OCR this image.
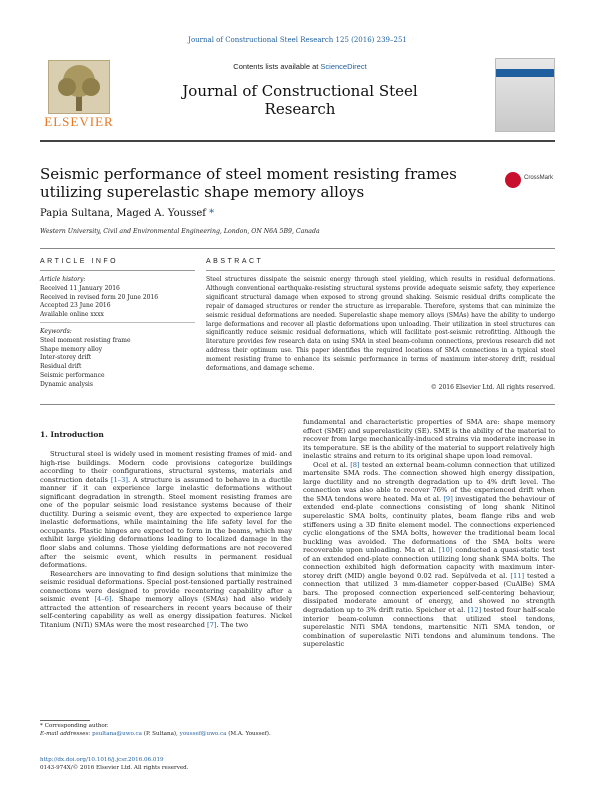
Journal of Constructional Steel Research 125 (2016) 239–251
ELSEVIER
Contents lists available at ScienceDirect
Journal of Constructional Steel Research
Seismic performance of steel moment resisting frames utilizing superelastic shape memory alloys
CrossMark
Papia Sultana, Maged A. Youssef *
Western University, Civil and Environmental Engineering, London, ON N6A 5B9, Canada
ARTICLE INFO	ABSTRACT
Article history:
Received 11 January 2016
Received in revised form 20 June 2016
Accepted 23 June 2016
Available online xxxx
Keywords:
Steel moment resisting frame
Shape memory alloy
Inter-storey drift
Residual drift
Seismic performance
Dynamic analysis
Steel structures dissipate the seismic energy through steel yielding, which results in residual deformations. Although conventional earthquake-resisting structural systems provide adequate seismic safety, they experience significant structural damage when exposed to strong ground shaking. Seismic residual drifts complicate the repair of damaged structures or render the structure as irreparable. Therefore, systems that can minimize the seismic residual deformations are needed. Superelastic shape memory alloys (SMAs) have the ability to undergo large deformations and recover all plastic deformations upon unloading. Their utilization in steel structures can significantly reduce seismic residual deformations, which will facilitate post-seismic retrofitting. Although the literature provides few research data on using SMA in steel beam-column connections, previous research did not address their optimum use. This paper identifies the required locations of SMA connections in a typical steel moment resisting frame to enhance its seismic performance in terms of maximum inter-storey drift, residual deformations, and damage scheme.
© 2016 Elsevier Ltd. All rights reserved.
1. Introduction

Structural steel is widely used in moment resisting frames of mid- and high-rise buildings. Modern code provisions categorize buildings according to their configurations, structural systems, materials and construction details [1–3]. A structure is assumed to behave in a ductile manner if it can experience large inelastic deformations without significant degradation in strength. Steel moment resisting frames are one of the popular seismic load resistance systems because of their ductility. During a seismic event, they are expected to experience large inelastic deformations, while maintaining the life safety level for the occupants. Plastic hinges are expected to form in the beams, which may exhibit large yielding deformations leading to localized damage in the floor slabs and columns. Those yielding deformations are not recovered after the seismic event, which results in permanent residual deformations.

Researchers are innovating to find design solutions that minimize the seismic residual deformations. Special post-tensioned partially restrained connections were designed to provide recentering capability after a seismic event [4–6]. Shape memory alloys (SMAs) had also widely attracted the attention of researchers in recent years because of their self-centering capability as well as energy dissipation features. Nickel Titanium (NiTi) SMAs were the most researched [7]. The two

fundamental and characteristic properties of SMA are: shape memory effect (SME) and superelasticity (SE). SME is the ability of the material to recover from large mechanically-induced strains via moderate increase in its temperature. SE is the ability of the material to support relatively high inelastic strains and return to its original shape upon load removal.

Ocel et al. [8] tested an external beam-column connection that utilized martensite SMA rods. The connection showed high energy dissipation, large ductility and no strength degradation up to 4% drift level. The connection was also able to recover 76% of the experienced drift when the SMA tendons were heated. Ma et al. [9] investigated the behaviour of extended end-plate connections consisting of long shank Nitinol superelastic SMA bolts, continuity plates, beam flange ribs and web stiffeners using a 3D finite element model. The connections experienced cyclic elongations of the SMA bolts, however the traditional beam local buckling was avoided. The deformations of the SMA bolts were recoverable upon unloading. Ma et al. [10] conducted a quasi-static test of an extended end-plate connection utilizing long shank SMA bolts. The connection exhibited high deformation capacity with maximum inter-storey drift (MID) angle beyond 0.02 rad. Sepúlveda et al. [11] tested a connection that utilized 3 mm-diameter copper-based (CuAlBe) SMA bars. The proposed connection experienced self-centering behaviour, dissipated moderate amount of energy, and showed no strength degradation up to 3% drift ratio. Speicher et al. [12] tested four half-scale interior beam-column connections that utilized steel tendons, superelastic NiTi SMA tendons, martensitic NiTi SMA tendon, or combination of superelastic NiTi tendons and aluminum tendons. The superelastic

* Corresponding author.
E-mail addresses: psultana@uwo.ca (P. Sultana), youssef@uwo.ca (M.A. Youssef).
http://dx.doi.org/10.1016/j.jcsr.2016.06.019
0143-974X/© 2016 Elsevier Ltd. All rights reserved.
